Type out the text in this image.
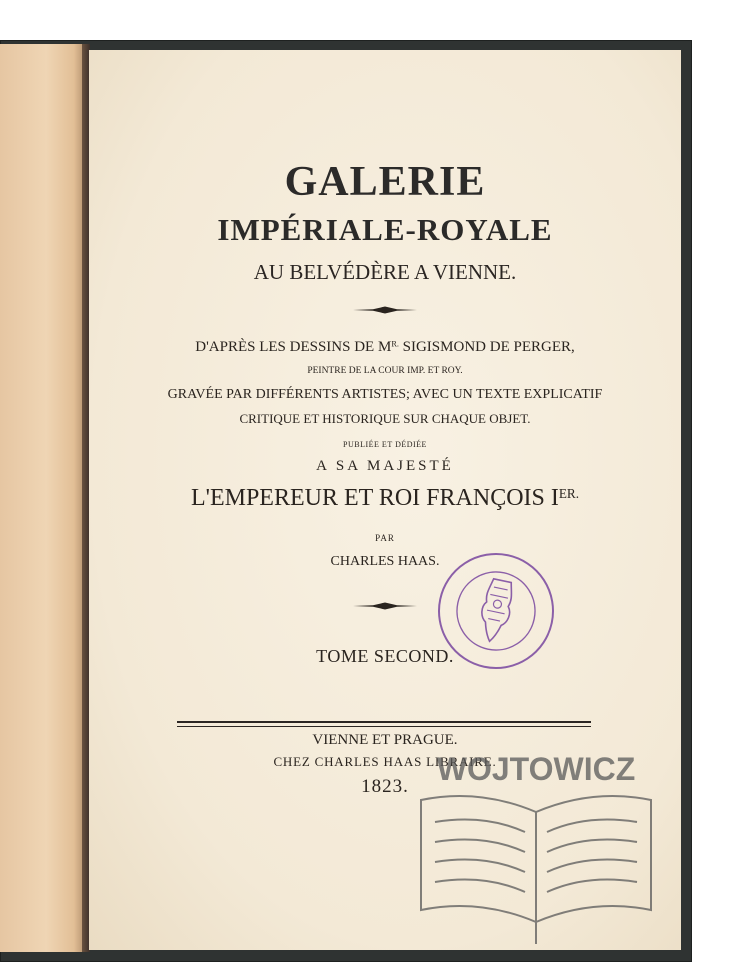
GALERIE
IMPÉRIALE-ROYALE
AU BELVÉDÈRE A VIENNE.
D'APRÈS LES DESSINS DE $M^{R.}$ SIGISMOND DE PERGER,
PEINTRE DE LA COUR IMP. ET ROY.
GRAVÉE PAR DIFFÉRENTS ARTISTES; AVEC UN TEXTE EXPLICATIF
CRITIQUE ET HISTORIQUE SUR CHAQUE OBJET.
PUBLIÉE ET DÉDIÉE
A SA MAJESTÉ
L'EMPEREUR ET ROI FRANÇOIS $I^{ER.}$
PAR
CHARLES HAAS.
TOME SECOND.
VIENNE ET PRAGUE.
CHEZ CHARLES HAAS LIBRAIRE.
1823. WOJTOWICZ
